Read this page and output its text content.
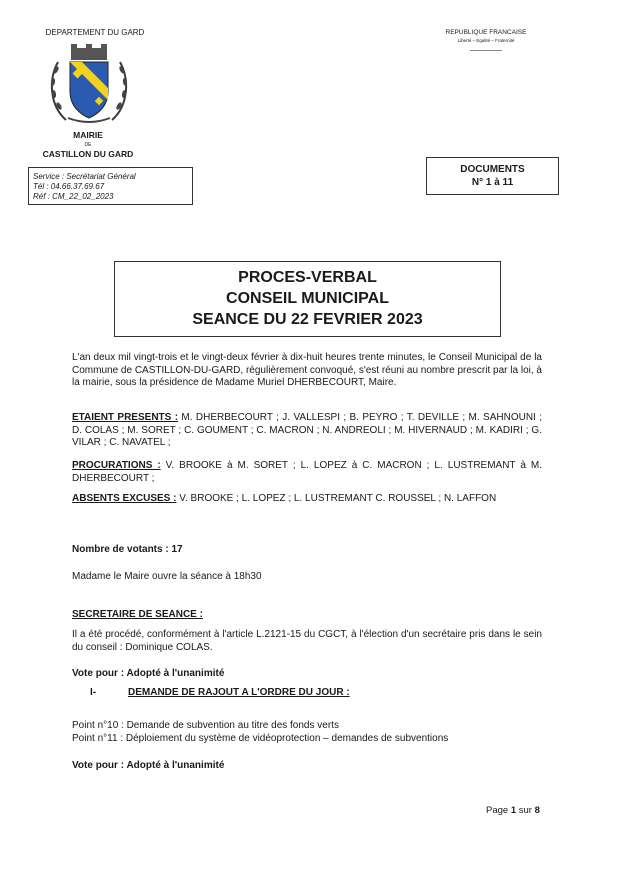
DEPARTEMENT DU GARD
MAIRIE
DE
CASTILLON DU GARD
REPUBLIQUE FRANCAISE
Liberté – Egalité – Fraternité
Service : Secrétariat Général
Tél : 04.66.37.69.67
Réf : CM_22_02_2023
DOCUMENTS
N° 1 à 11
PROCES-VERBAL
CONSEIL MUNICIPAL
SEANCE DU 22 FEVRIER 2023
L'an deux mil vingt-trois et le vingt-deux février à dix-huit heures trente minutes, le Conseil Municipal de la Commune de CASTILLON-DU-GARD, régulièrement convoqué, s'est réuni au nombre prescrit par la loi, à la mairie, sous la présidence de Madame Muriel DHERBECOURT, Maire.
ETAIENT PRESENTS : M. DHERBECOURT ; J. VALLESPI ; B. PEYRO ; T. DEVILLE ; M. SAHNOUNI ; D. COLAS ; M. SORET ; C. GOUMENT ; C. MACRON ; N. ANDREOLI ; M. HIVERNAUD ; M. KADIRI ; G. VILAR ; C. NAVATEL ;
PROCURATIONS : V. BROOKE à M. SORET ; L. LOPEZ à C. MACRON ; L. LUSTREMANT à M. DHERBECOURT ;
ABSENTS EXCUSES : V. BROOKE ; L. LOPEZ ; L. LUSTREMANT C. ROUSSEL ; N. LAFFON
Nombre de votants : 17
Madame le Maire ouvre la séance à 18h30
SECRETAIRE DE SEANCE :
Il a été procédé, conformément à l'article L.2121-15 du CGCT, à l'élection d'un secrétaire pris dans le sein du conseil : Dominique COLAS.
Vote pour : Adopté à l'unanimité
I-	DEMANDE DE RAJOUT A L'ORDRE DU JOUR :
Point n°10 : Demande de subvention au titre des fonds verts
Point n°11 : Déploiement du système de vidéoprotection – demandes de subventions
Vote pour : Adopté à l'unanimité
Page 1 sur 8
